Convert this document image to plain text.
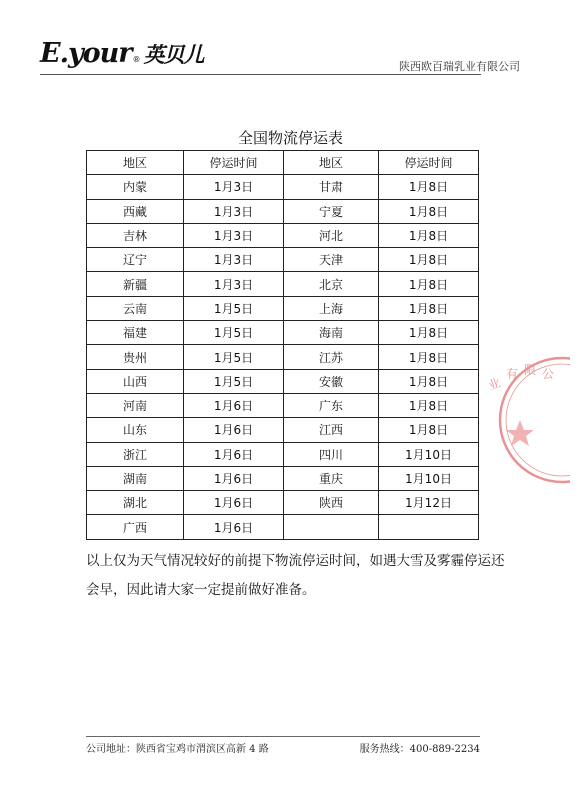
E.your ® 英贝儿	陕西欧百瑞乳业有限公司
全国物流停运表
地区	停运时间	地区	停运时间
内蒙	1月3日	甘肃	1月8日
西藏	1月3日	宁夏	1月8日
吉林	1月3日	河北	1月8日
辽宁	1月3日	天津	1月8日
新疆	1月3日	北京	1月8日
云南	1月5日	上海	1月8日
福建	1月5日	海南	1月8日
贵州	1月5日	江苏	1月8日
山西	1月5日	安徽	1月8日
河南	1月6日	广东	1月8日
山东	1月6日	江西	1月8日
浙江	1月6日	四川	1月10日
湖南	1月6日	重庆	1月10日
湖北	1月6日	陕西	1月12日
广西	1月6日		
以上仅为天气情况较好的前提下物流停运时间，如遇大雪及雾霾停运还会早，因此请大家一定提前做好准备。
业
有 限 公
公司地址：陕西省宝鸡市渭滨区高新 4 路	服务热线：400-889-2234
